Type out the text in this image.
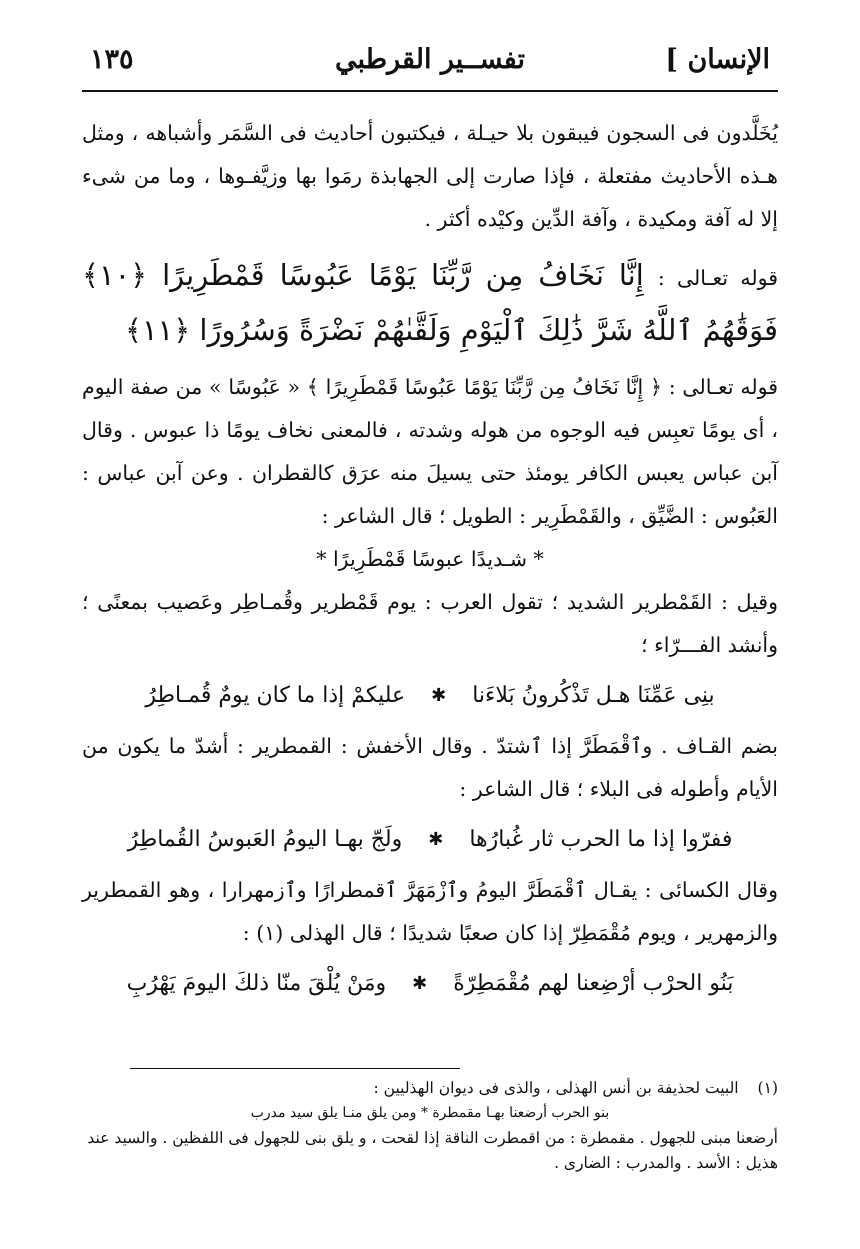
الإنسان ]
تفســير القرطبي
١٣٥

يُخَلَّدون فى السجون فيبقون بلا حيـلة ، فيكتبون أحاديث فى السَّمَر وأشباهه ، ومثل هـذه الأحاديث مفتعلة ، فإذا صارت إلى الجهابذة رمَوا بها وزيَّفـوها ، وما من شىء إلا له آفة ومكيدة ، وآفة الدِّين وكيْده أكثر .

قوله تعـالى : إِنَّا نَخَافُ مِن رَّبِّنَا يَوْمًا عَبُوسًا قَمْطَرِيرًا ﴿١٠﴾ فَوَقَٰهُمُ ٱللَّهُ شَرَّ ذَٰلِكَ ٱلْيَوْمِ وَلَقَّىٰهُمْ نَضْرَةً وَسُرُورًا ﴿١١﴾

قوله تعـالى : ﴿ إِنَّا نَخَافُ مِن رَّبِّنَا يَوْمًا عَبُوسًا قَمْطَرِيرًا ﴾ « عَبُوسًا » من صفة اليوم ، أى يومًا تعبِس فيه الوجوه من هوله وشدته ، فالمعنى نخاف يومًا ذا عبوس . وقال آبن عباس يعبس الكافر يومئذ حتى يسيلَ منه عرَق كالقطران . وعن آبن عباس : العَبُوس : الضَّيِّق ، والقَمْطَرِير : الطويل ؛ قال الشاعر :

* شـديدًا عبوسًا قَمْطَرِيرًا *

وقيل : القَمْطرير الشديد ؛ تقول العرب : يوم قَمْطرير وقُمـاطِر وعَصيب بمعنًى ؛ وأنشد الفـــرّاء ؛

بنِى عَمِّنَا هـل تَذْكُرونُ بَلاءَنا
✱
عليكمْ إذا ما كان يومٌ قُمـاطِرُ

بضم القـاف . وٱقْمَطَرَّ إذا ٱشتدّ . وقال الأخفش : القمطرير : أشدّ ما يكون من الأيام وأطوله فى البلاء ؛ قال الشاعر :

ففرّوا إذا ما الحرب ثار غُبارُها
✱
ولَجّ بهـا اليومُ العَبوسُ القُماطِرُ

وقال الكسائى : يقـال ٱقْمَطَرَّ اليومُ وٱزْمَهَرَّ ٱقمطرارًا وٱزمهرارا ، وهو القمطرير والزمهرير ، ويوم مُقْمَطِرّ إذا كان صعبًا شديدًا ؛ قال الهذلى (١) :

بَنُو الحرْب أرْضِعنا لهم مُقْمَطِرّةً
✱
ومَنْ يُلْقَ منّا ذلكَ اليومَ يَهْرُبِ

(١) البيت لحذيفة بن أنس الهذلى ، والذى فى ديوان الهذليين :

بنو الحرب أرضعنا بهـا مقمطرة * ومن يلق منـا يلق سيد مدرب

أرضعنا مبنى للجهول . مقمطرة : من اقمطرت الناقة إذا لقحت ، و يلق بنى للجهول فى اللفظين . والسيد عند هذيل : الأسد . والمدرب : الضارى .
